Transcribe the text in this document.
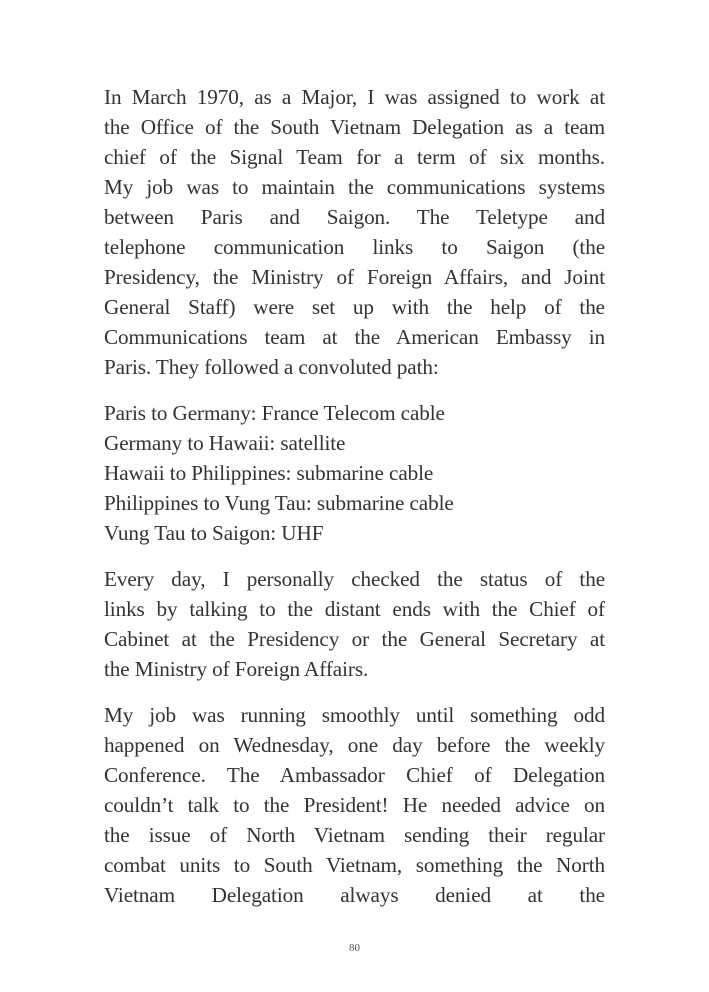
In March 1970, as a Major, I was assigned to work at
the Office of the South Vietnam Delegation as a team
chief of the Signal Team for a term of six months.
My job was to maintain the communications systems
between Paris and Saigon. The Teletype and
telephone communication links to Saigon (the
Presidency, the Ministry of Foreign Affairs, and Joint
General Staff) were set up with the help of the
Communications team at the American Embassy in
Paris. They followed a convoluted path:

Paris to Germany: France Telecom cable
Germany to Hawaii: satellite
Hawaii to Philippines: submarine cable
Philippines to Vung Tau: submarine cable
Vung Tau to Saigon: UHF

Every day, I personally checked the status of the
links by talking to the distant ends with the Chief of
Cabinet at the Presidency or the General Secretary at
the Ministry of Foreign Affairs.

My job was running smoothly until something odd
happened on Wednesday, one day before the weekly
Conference. The Ambassador Chief of Delegation
couldn’t talk to the President! He needed advice on
the issue of North Vietnam sending their regular
combat units to South Vietnam, something the North
Vietnam Delegation always denied at the

80
